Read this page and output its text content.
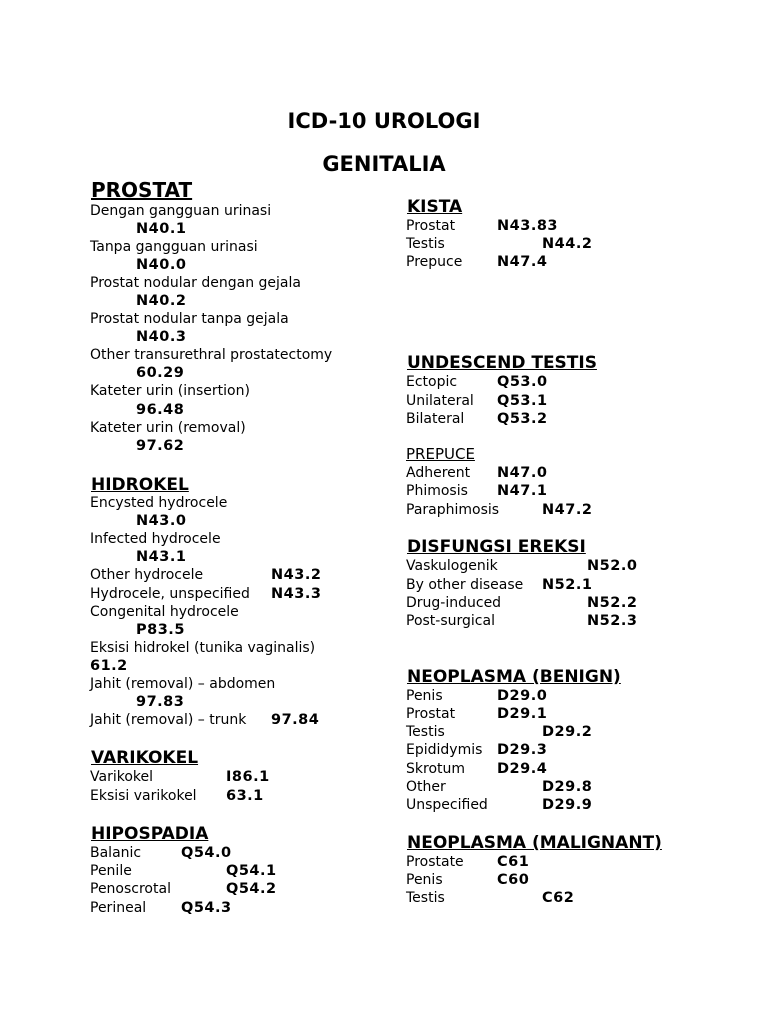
ICD-10 UROLOGI
GENITALIA
PROSTAT
Dengan gangguan urinasi
N40.1
Tanpa gangguan urinasi
N40.0
Prostat nodular dengan gejala
N40.2
Prostat nodular tanpa gejala
N40.3
Other transurethral prostatectomy
60.29
Kateter urin (insertion)
96.48
Kateter urin (removal)
97.62
HIDROKEL
Encysted hydrocele
N43.0
Infected hydrocele
N43.1
Other hydrocele	N43.2
Hydrocele, unspecified N43.3
Congenital hydrocele
P83.5
Eksisi hidrokel (tunika vaginalis)
61.2
Jahit (removal) – abdomen
97.83
Jahit (removal) – trunk 97.84
VARIKOKEL
Varikokel	I86.1
Eksisi varikokel 63.1
HIPOSPADIA
Balanic	Q54.0
Penile	Q54.1
Penoscrotal	Q54.2
Perineal Q54.3
KISTA
Prostat	N43.83
Testis	N44.2
Prepuce N47.4
UNDESCEND TESTIS
Ectopic	Q53.0
Unilateral Q53.1
Bilateral Q53.2
PREPUCE
Adherent N47.0
Phimosis N47.1
Paraphimosis	N47.2
DISFUNGSI EREKSI
Vaskulogenik	N52.0
By other disease N52.1
Drug-induced	N52.2
Post-surgical	N52.3
NEOPLASMA (BENIGN)
Penis	D29.0
Prostat	D29.1
Testis	D29.2
Epididymis D29.3
Skrotum D29.4
Other	D29.8
Unspecified	D29.9
NEOPLASMA (MALIGNANT)
Prostate C61
Penis	C60
Testis	C62
